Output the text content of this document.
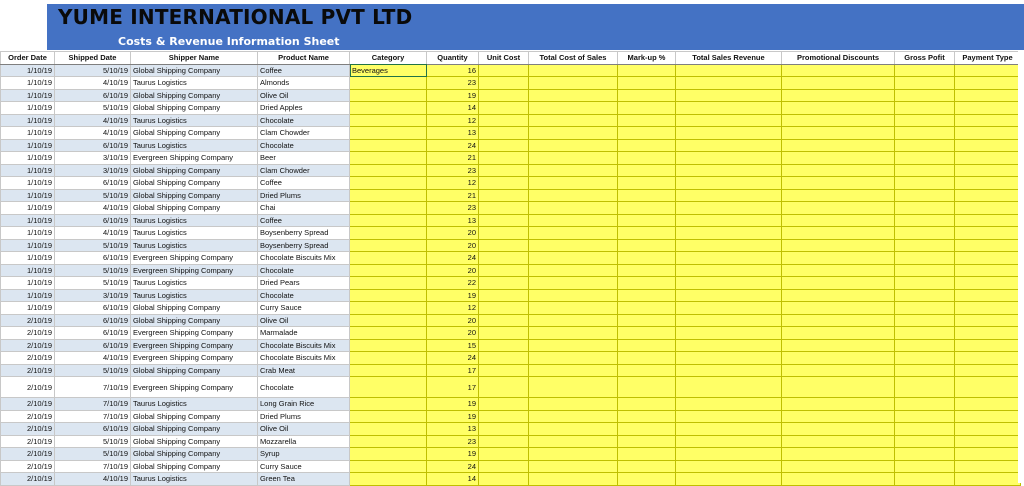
YUME INTERNATIONAL PVT LTD
Costs & Revenue Information Sheet
Order Date	Shipped Date	Shipper Name	Product Name	Category	Quantity	Unit Cost	Total Cost of Sales	Mark-up %	Total Sales Revenue	Promotional Discounts	Gross Pofit	Payment Type
1/10/19	5/10/19	Global Shipping Company	Coffee	Beverages	16							
1/10/19	4/10/19	Taurus Logistics	Almonds		23							
1/10/19	6/10/19	Global Shipping Company	Olive Oil		19							
1/10/19	5/10/19	Global Shipping Company	Dried Apples		14							
1/10/19	4/10/19	Taurus Logistics	Chocolate		12							
1/10/19	4/10/19	Global Shipping Company	Clam Chowder		13							
1/10/19	6/10/19	Taurus Logistics	Chocolate		24							
1/10/19	3/10/19	Evergreen Shipping Company	Beer		21							
1/10/19	3/10/19	Global Shipping Company	Clam Chowder		23							
1/10/19	6/10/19	Global Shipping Company	Coffee		12							
1/10/19	5/10/19	Global Shipping Company	Dried Plums		21							
1/10/19	4/10/19	Global Shipping Company	Chai		23							
1/10/19	6/10/19	Taurus Logistics	Coffee		13							
1/10/19	4/10/19	Taurus Logistics	Boysenberry Spread		20							
1/10/19	5/10/19	Taurus Logistics	Boysenberry Spread		20							
1/10/19	6/10/19	Evergreen Shipping Company	Chocolate Biscuits Mix		24							
1/10/19	5/10/19	Evergreen Shipping Company	Chocolate		20							
1/10/19	5/10/19	Taurus Logistics	Dried Pears		22							
1/10/19	3/10/19	Taurus Logistics	Chocolate		19							
1/10/19	6/10/19	Global Shipping Company	Curry Sauce		12							
2/10/19	6/10/19	Global Shipping Company	Olive Oil		20							
2/10/19	6/10/19	Evergreen Shipping Company	Marmalade		20							
2/10/19	6/10/19	Evergreen Shipping Company	Chocolate Biscuits Mix		15							
2/10/19	4/10/19	Evergreen Shipping Company	Chocolate Biscuits Mix		24							
2/10/19	5/10/19	Global Shipping Company	Crab Meat		17							
2/10/19	7/10/19	Evergreen Shipping Company	Chocolate		17							
2/10/19	7/10/19	Taurus Logistics	Long Grain Rice		19							
2/10/19	7/10/19	Global Shipping Company	Dried Plums		19							
2/10/19	6/10/19	Global Shipping Company	Olive Oil		13							
2/10/19	5/10/19	Global Shipping Company	Mozzarella		23							
2/10/19	5/10/19	Global Shipping Company	Syrup		19							
2/10/19	7/10/19	Global Shipping Company	Curry Sauce		24							
2/10/19	4/10/19	Taurus Logistics	Green Tea		14							
